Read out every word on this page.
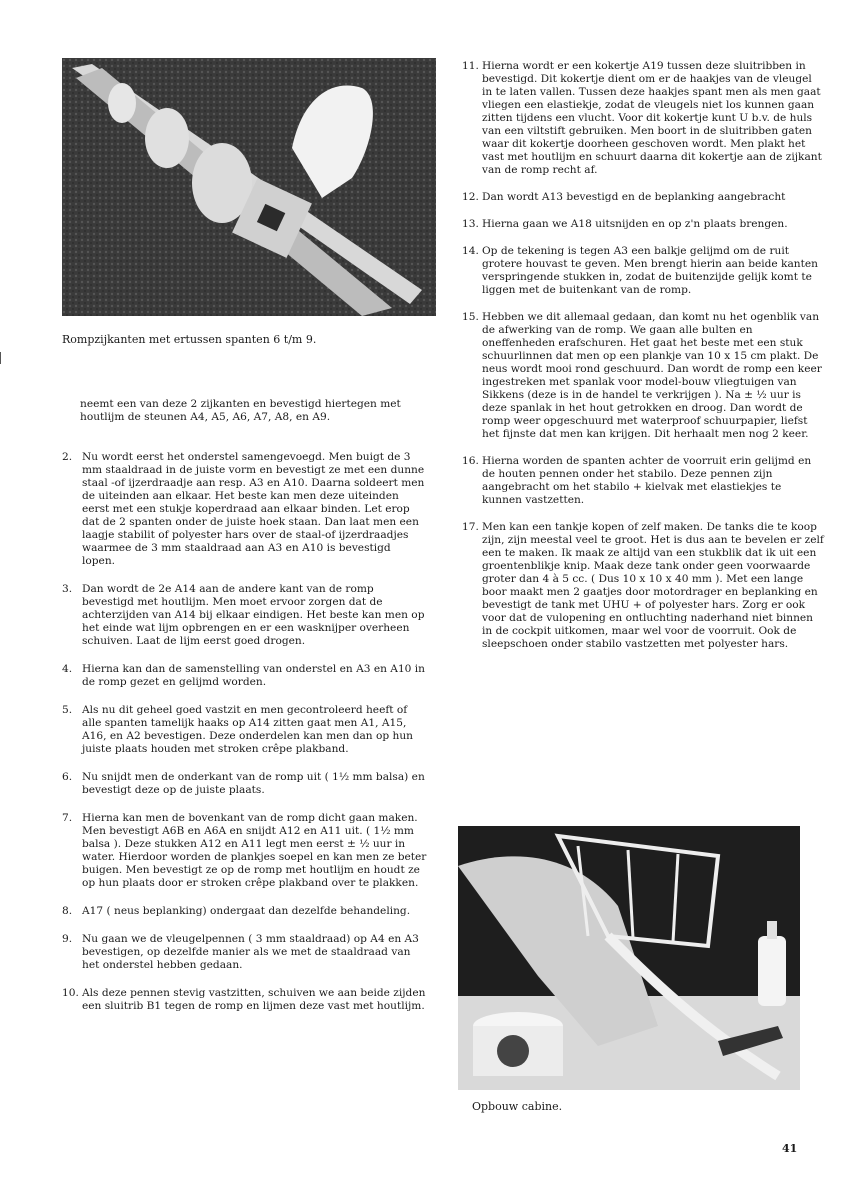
Rompzijkanten met ertussen spanten 6 t/m 9.

neemt een van deze 2 zijkanten en bevestigd hiertegen met houtlijm de steunen A4, A5, A6, A7, A8, en A9.

2. Nu wordt eerst het onderstel samengevoegd. Men buigt de 3 mm staaldraad in de juiste vorm en bevestigt ze met een dunne staal -of ijzerdraadje aan resp. A3 en A10. Daarna soldeert men de uiteinden aan elkaar. Het beste kan men deze uiteinden eerst met een stukje koperdraad aan elkaar binden. Let erop dat de 2 spanten onder de juiste hoek staan. Dan laat men een laagje stabilit of polyester hars over de staal-of ijzerdraadjes waarmee de 3 mm staaldraad aan A3 en A10 is bevestigd lopen.
3. Dan wordt de 2e A14 aan de andere kant van de romp bevestigd met houtlijm. Men moet ervoor zorgen dat de achterzijden van A14 bij elkaar eindigen. Het beste kan men op het einde wat lijm opbrengen en er een wasknijper overheen schuiven. Laat de lijm eerst goed drogen.
4. Hierna kan dan de samenstelling van onderstel en A3 en A10 in de romp gezet en gelijmd worden.
5. Als nu dit geheel goed vastzit en men gecontroleerd heeft of alle spanten tamelijk haaks op A14 zitten gaat men A1, A15, A16, en A2 bevestigen. Deze onderdelen kan men dan op hun juiste plaats houden met stroken crêpe plakband.
6. Nu snijdt men de onderkant van de romp uit ( 1½ mm balsa) en bevestigt deze op de juiste plaats.
7. Hierna kan men de bovenkant van de romp dicht gaan maken. Men bevestigt A6B en A6A en snijdt A12 en A11 uit. ( 1½ mm balsa ). Deze stukken A12 en A11 legt men eerst ± ½ uur in water. Hierdoor worden de plankjes soepel en kan men ze beter buigen. Men bevestigt ze op de romp met houtlijm en houdt ze op hun plaats door er stroken crêpe plakband over te plakken.
8. A17 ( neus beplanking) ondergaat dan dezelfde behandeling.
9. Nu gaan we de vleugelpennen ( 3 mm staaldraad) op A4 en A3 bevestigen, op dezelfde manier als we met de staaldraad van het onderstel hebben gedaan.
10. Als deze pennen stevig vastzitten, schuiven we aan beide zijden een sluitrib B1 tegen de romp en lijmen deze vast met houtlijm.
11. Hierna wordt er een kokertje A19 tussen deze sluitribben in bevestigd. Dit kokertje dient om er de haakjes van de vleugel in te laten vallen. Tussen deze haakjes spant men als men gaat vliegen een elastiekje, zodat de vleugels niet los kunnen gaan zitten tijdens een vlucht. Voor dit kokertje kunt U b.v. de huls van een viltstift gebruiken. Men boort in de sluitribben gaten waar dit kokertje doorheen geschoven wordt. Men plakt het vast met houtlijm en schuurt daarna dit kokertje aan de zijkant van de romp recht af.
12. Dan wordt A13 bevestigd en de beplanking aangebracht
13. Hierna gaan we A18 uitsnijden en op z'n plaats brengen.
14. Op de tekening is tegen A3 een balkje gelijmd om de ruit grotere houvast te geven. Men brengt hierin aan beide kanten verspringende stukken in, zodat de buitenzijde gelijk komt te liggen met de buitenkant van de romp.
15. Hebben we dit allemaal gedaan, dan komt nu het ogenblik van de afwerking van de romp. We gaan alle bulten en oneffenheden erafschuren. Het gaat het beste met een stuk schuurlinnen dat men op een plankje van 10 x 15 cm plakt. De neus wordt mooi rond geschuurd. Dan wordt de romp een keer ingestreken met spanlak voor model-bouw vliegtuigen van Sikkens (deze is in de handel te verkrijgen ). Na ± ½ uur is deze spanlak in het hout getrokken en droog. Dan wordt de romp weer opgeschuurd met waterproof schuurpapier, liefst het fijnste dat men kan krijgen. Dit herhaalt men nog 2 keer.
16. Hierna worden de spanten achter de voorruit erin gelijmd en de houten pennen onder het stabilo. Deze pennen zijn aangebracht om het stabilo + kielvak met elastiekjes te kunnen vastzetten.
17. Men kan een tankje kopen of zelf maken. De tanks die te koop zijn, zijn meestal veel te groot. Het is dus aan te bevelen er zelf een te maken. Ik maak ze altijd van een stukblik dat ik uit een groentenblikje knip. Maak deze tank onder geen voorwaarde groter dan 4 à 5 cc. ( Dus 10 x 10 x 40 mm ). Met een lange boor maakt men 2 gaatjes door motordrager en beplanking en bevestigt de tank met UHU + of polyester hars. Zorg er ook voor dat de vulopening en ontluchting naderhand niet binnen in de cockpit uitkomen, maar wel voor de voorruit. Ook de sleepschoen onder stabilo vastzetten met polyester hars.
Opbouw cabine.
41
